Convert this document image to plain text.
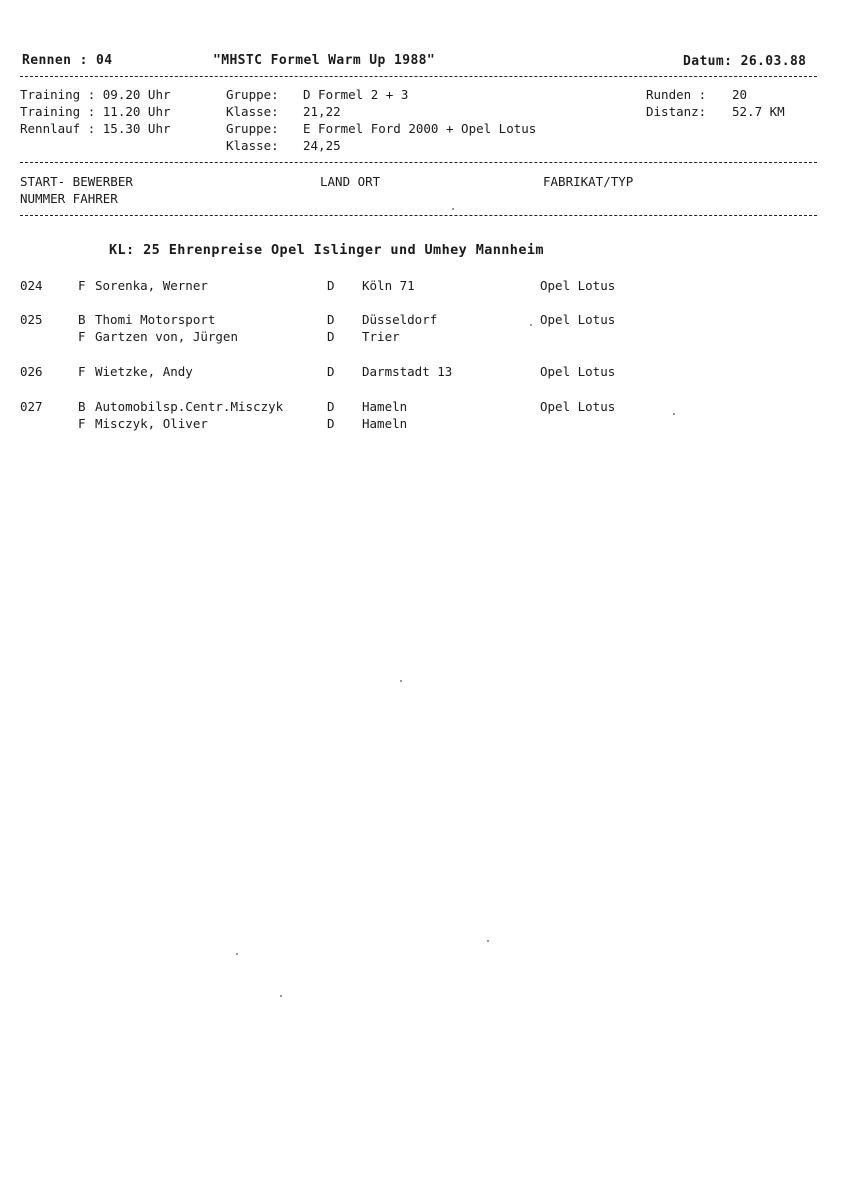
Rennen : 04	"MHSTC Formel Warm Up 1988"	Datum: 26.03.88
Training : 09.20 Uhr	Gruppe: D Formel 2 + 3	Runden : 20
Training : 11.20 Uhr	Klasse: 21,22	Distanz: 52.7 KM
Rennlauf : 15.30 Uhr	Gruppe: E Formel Ford 2000 + Opel Lotus
Klasse: 24,25
START- BEWERBER
NUMMER FAHRER
LAND ORT	FABRIKAT/TYP
KL: 25 Ehrenpreise Opel Islinger und Umhey Mannheim
024	F Sorenka, Werner	D Köln 71	Opel Lotus
025	B Thomi Motorsport	D Düsseldorf	Opel Lotus
F Gartzen von, Jürgen	D Trier
026	F Wietzke, Andy	D Darmstadt 13	Opel Lotus
027	B Automobilsp.Centr.Misczyk	D Hameln	Opel Lotus
F Misczyk, Oliver	D Hameln
